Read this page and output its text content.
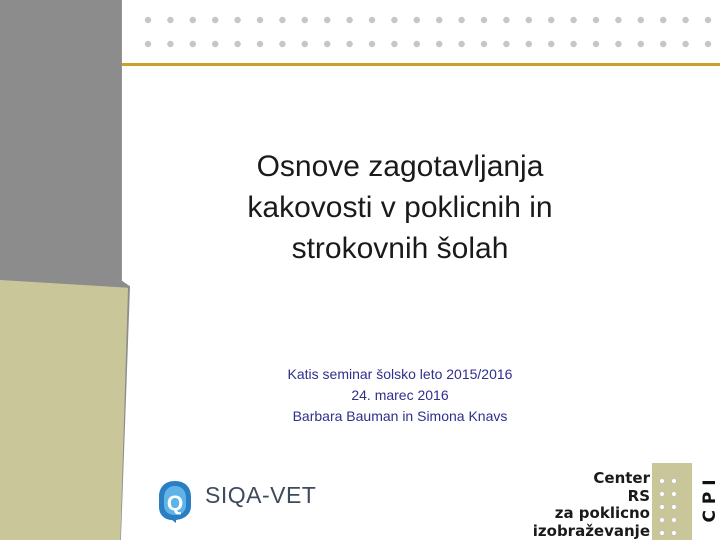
Osnove zagotavljanja
kakovosti v poklicnih in
strokovnih šolah
Katis seminar šolsko leto 2015/2016
24. marec 2016
Barbara Bauman in Simona Knavs
Q SIQA-VET
Center
RS
za poklicno
izobraževanje
C P I
